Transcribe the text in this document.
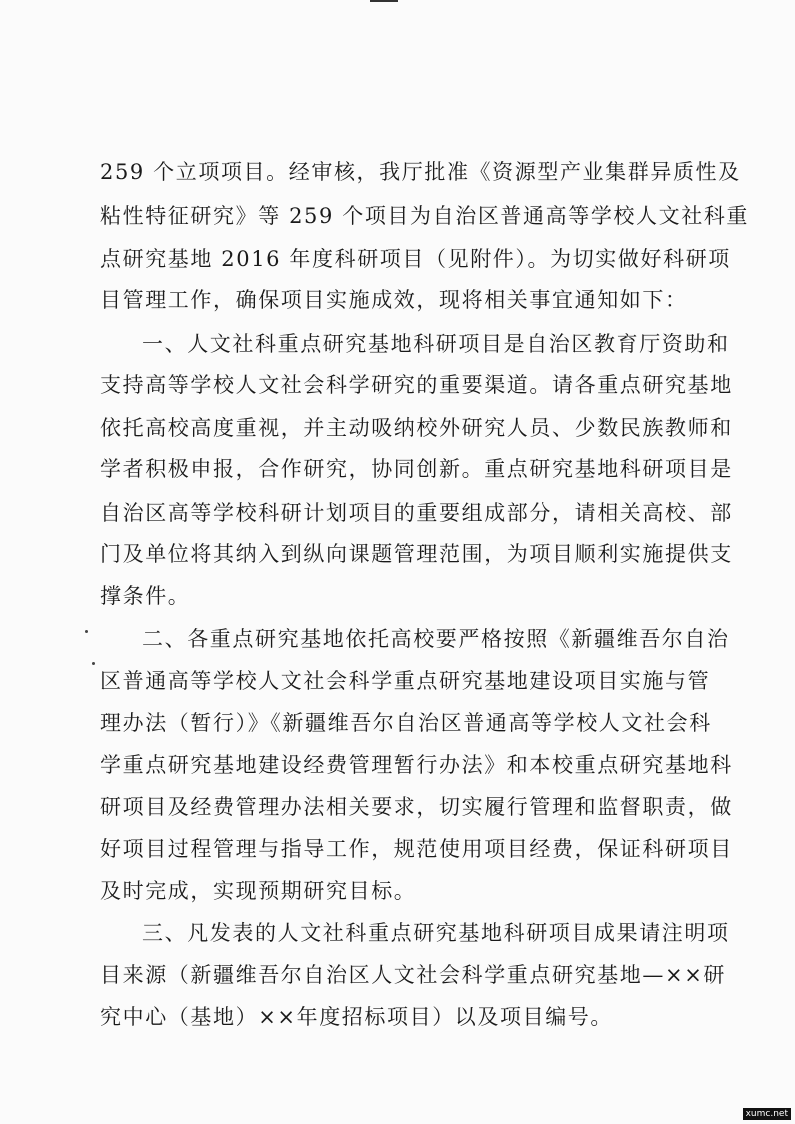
259 个立项项目。经审核，我厅批准《资源型产业集群异质性及
粘性特征研究》等 259 个项目为自治区普通高等学校人文社科重
点研究基地 2016 年度科研项目（见附件）。为切实做好科研项
目管理工作，确保项目实施成效，现将相关事宜通知如下：
一、人文社科重点研究基地科研项目是自治区教育厅资助和
支持高等学校人文社会科学研究的重要渠道。请各重点研究基地
依托高校高度重视，并主动吸纳校外研究人员、少数民族教师和
学者积极申报，合作研究，协同创新。重点研究基地科研项目是
自治区高等学校科研计划项目的重要组成部分，请相关高校、部
门及单位将其纳入到纵向课题管理范围，为项目顺利实施提供支
撑条件。
二、各重点研究基地依托高校要严格按照《新疆维吾尔自治
区普通高等学校人文社会科学重点研究基地建设项目实施与管
理办法（暂行）》《新疆维吾尔自治区普通高等学校人文社会科
学重点研究基地建设经费管理暂行办法》和本校重点研究基地科
研项目及经费管理办法相关要求，切实履行管理和监督职责，做
好项目过程管理与指导工作，规范使用项目经费，保证科研项目
及时完成，实现预期研究目标。
三、凡发表的人文社科重点研究基地科研项目成果请注明项
目来源（新疆维吾尔自治区人文社会科学重点研究基地—××研
究中心（基地）××年度招标项目）以及项目编号。
xumc.net
